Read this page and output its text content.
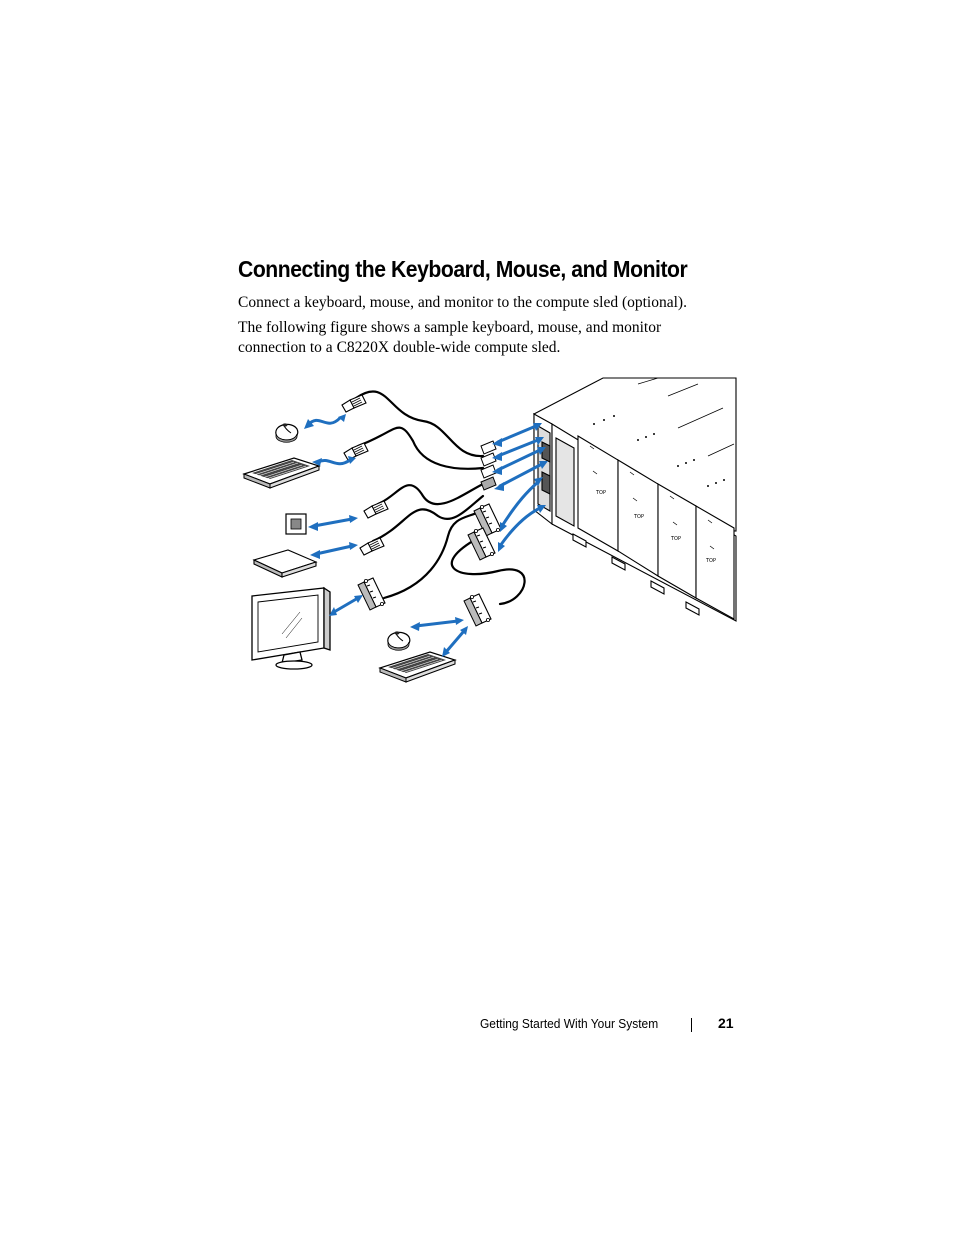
Connecting the Keyboard, Mouse, and Monitor

Connect a keyboard, mouse, and monitor to the compute sled (optional).

The following figure shows a sample keyboard, mouse, and monitor connection to a C8220X double-wide compute sled.

TOP
TOP
TOP
TOP
Getting Started With Your System	21
